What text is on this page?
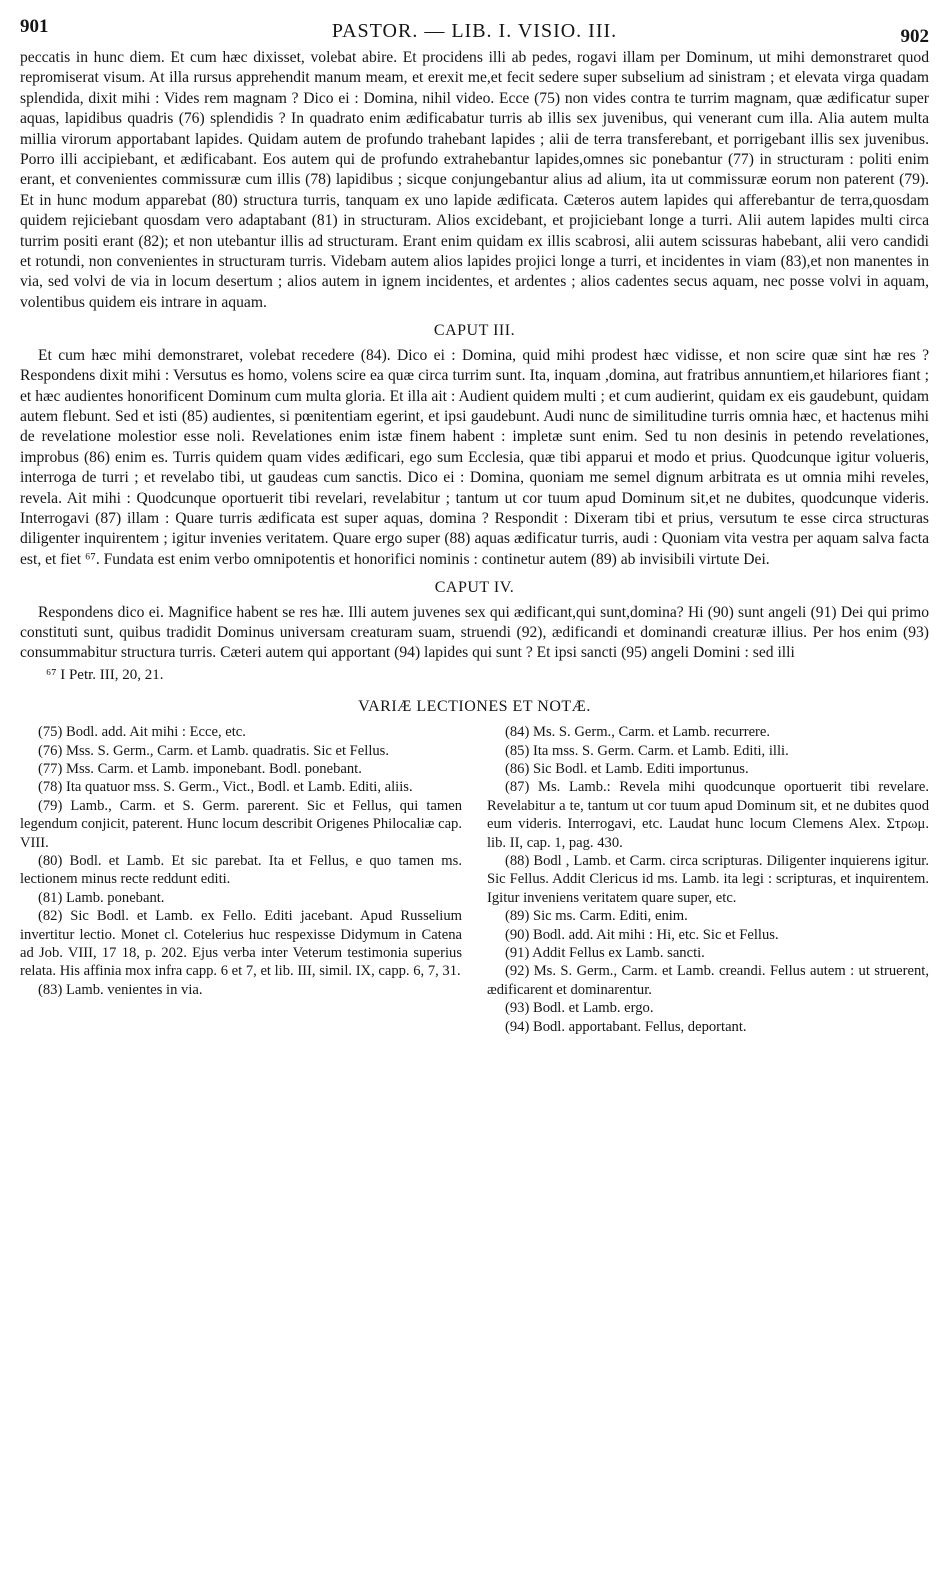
901	PASTOR. — LIB. I. VISIO. III.	902

peccatis in hunc diem. Et cum hæc dixisset, volebat abire. Et procidens illi ab pedes, rogavi illam per Dominum, ut mihi demonstraret quod repromiserat visum. At illa rursus apprehendit manum meam, et erexit me,et fecit sedere super subselium ad sinistram ; et elevata virga quadam splendida, dixit mihi : Vides rem magnam ? Dico ei : Domina, nihil video. Ecce (75) non vides contra te turrim magnam, quæ ædificatur super aquas, lapidibus quadris (76) splendidis ? In quadrato enim ædificabatur turris ab illis sex juvenibus, qui venerant cum illa. Alia autem multa millia virorum apportabant lapides. Quidam autem de profundo trahebant lapides ; alii de terra transferebant, et porrigebant illis sex juvenibus. Porro illi accipiebant, et ædificabant. Eos autem qui de profundo extrahebantur lapides,omnes sic ponebantur (77) in structuram : politi enim erant, et convenientes commissuræ cum illis (78) lapidibus ; sicque conjungebantur alius ad alium, ita ut commissuræ eorum non paterent (79). Et in hunc modum apparebat (80) structura turris, tanquam ex uno lapide ædificata. Cæteros autem lapides qui afferebantur de terra,quosdam quidem rejiciebant quosdam vero adaptabant (81) in structuram. Alios excidebant, et projiciebant longe a turri. Alii autem lapides multi circa turrim positi erant (82); et non utebantur illis ad structuram. Erant enim quidam ex illis scabrosi, alii autem scissuras habebant, alii vero candidi et rotundi, non convenientes in structuram turris. Videbam autem alios lapides projici longe a turri, et incidentes in viam (83),et non manentes in via, sed volvi de via in locum desertum ; alios autem in ignem incidentes, et ardentes ; alios cadentes secus aquam, nec posse volvi in aquam, volentibus quidem eis intrare in aquam.

CAPUT III.

Et cum hæc mihi demonstraret, volebat recedere (84). Dico ei : Domina, quid mihi prodest hæc vidisse, et non scire quæ sint hæ res ? Respondens dixit mihi : Versutus es homo, volens scire ea quæ circa turrim sunt. Ita, inquam ,domina, aut fratribus annuntiem,et hilariores fiant ; et hæc audientes honorificent Dominum cum multa gloria. Et illa ait : Audient quidem multi ; et cum audierint, quidam ex eis gaudebunt, quidam autem flebunt. Sed et isti (85) audientes, si pœnitentiam egerint, et ipsi gaudebunt. Audi nunc de similitudine turris omnia hæc, et hactenus mihi de revelatione molestior esse noli. Revelationes enim istæ finem habent : impletæ sunt enim. Sed tu non desinis in petendo revelationes, improbus (86) enim es. Turris quidem quam vides ædificari, ego sum Ecclesia, quæ tibi apparui et modo et prius. Quodcunque igitur volueris, interroga de turri ; et revelabo tibi, ut gaudeas cum sanctis. Dico ei : Domina, quoniam me semel dignum arbitrata es ut omnia mihi reveles, revela. Ait mihi : Quodcunque oportuerit tibi revelari, revelabitur ; tantum ut cor tuum apud Dominum sit,et ne dubites, quodcunque videris. Interrogavi (87) illam : Quare turris ædificata est super aquas, domina ? Respondit : Dixeram tibi et prius, versutum te esse circa structuras diligenter inquirentem ; igitur invenies veritatem. Quare ergo super (88) aquas ædificatur turris, audi : Quoniam vita vestra per aquam salva facta est, et fiet ⁶⁷. Fundata est enim verbo omnipotentis et honorifici nominis : continetur autem (89) ab invisibili virtute Dei.

CAPUT IV.

Respondens dico ei. Magnifice habent se res hæ. Illi autem juvenes sex qui ædificant,qui sunt,domina? Hi (90) sunt angeli (91) Dei qui primo constituti sunt, quibus tradidit Dominus universam creaturam suam, struendi (92), ædificandi et dominandi creaturæ illius. Per hos enim (93) consummabitur structura turris. Cæteri autem qui apportant (94) lapides qui sunt ? Et ipsi sancti (95) angeli Domini : sed illi

⁶⁷ I Petr. III, 20, 21.
VARIÆ LECTIONES ET NOTÆ.

(75) Bodl. add. Ait mihi : Ecce, etc.

(76) Mss. S. Germ., Carm. et Lamb. quadratis. Sic et Fellus.

(77) Mss. Carm. et Lamb. imponebant. Bodl. ponebant.

(78) Ita quatuor mss. S. Germ., Vict., Bodl. et Lamb. Editi, aliis.

(79) Lamb., Carm. et S. Germ. parerent. Sic et Fellus, qui tamen legendum conjicit, paterent. Hunc locum describit Origenes Philocaliæ cap. VIII.

(80) Bodl. et Lamb. Et sic parebat. Ita et Fellus, e quo tamen ms. lectionem minus recte reddunt editi.

(81) Lamb. ponebant.

(82) Sic Bodl. et Lamb. ex Fello. Editi jacebant. Apud Russelium invertitur lectio. Monet cl. Cotelerius huc respexisse Didymum in Catena ad Job. VIII, 17 18, p. 202. Ejus verba inter Veterum testimonia superius relata. His affinia mox infra capp. 6 et 7, et lib. III, simil. IX, capp. 6, 7, 31.

(83) Lamb. venientes in via.

(84) Ms. S. Germ., Carm. et Lamb. recurrere.

(85) Ita mss. S. Germ. Carm. et Lamb. Editi, illi.

(86) Sic Bodl. et Lamb. Editi importunus.

(87) Ms. Lamb.: Revela mihi quodcunque oportuerit tibi revelare. Revelabitur a te, tantum ut cor tuum apud Dominum sit, et ne dubites quod eum videris. Interrogavi, etc. Laudat hunc locum Clemens Alex. Στρωμ. lib. II, cap. 1, pag. 430.

(88) Bodl , Lamb. et Carm. circa scripturas. Diligenter inquierens igitur. Sic Fellus. Addit Clericus id ms. Lamb. ita legi : scripturas, et inquirentem. Igitur inveniens veritatem quare super, etc.

(89) Sic ms. Carm. Editi, enim.

(90) Bodl. add. Ait mihi : Hi, etc. Sic et Fellus.

(91) Addit Fellus ex Lamb. sancti.

(92) Ms. S. Germ., Carm. et Lamb. creandi. Fellus autem : ut struerent, ædificarent et dominarentur.

(93) Bodl. et Lamb. ergo.

(94) Bodl. apportabant. Fellus, deportant.
